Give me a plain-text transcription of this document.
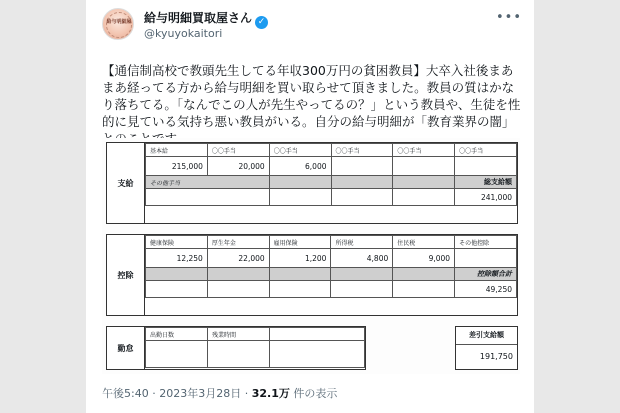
給与明細屋 給与明細買取屋さん ✓
@kyuyokaitori
•••
【通信制高校で教頭先生してる年収300万円の貧困教員】大卒入社後まあまあ経ってる方から給与明細を買い取らせて頂きました。教員の質はかなり落ちてる。「なんでこの人が先生やってるの？」という教員や、生徒を性的に見ている気持ち悪い教員がいる。自分の給与明細が「教育業界の闇」
支給
基本給	〇〇手当	〇〇手当	〇〇手当	〇〇手当	〇〇手当
215,000	20,000	6,000			
その他手当					総支給額
					241,000
控除
健康保険	厚生年金	雇用保険	所得税	住民税	その他控除
12,250	22,000	1,200	4,800	9,000	
					控除額合計
					49,250
勤怠
出勤日数	残業時間	
			差引支給額
191,750
午後5:40 · 2023年3月28日 · 32.1万 件の表示
